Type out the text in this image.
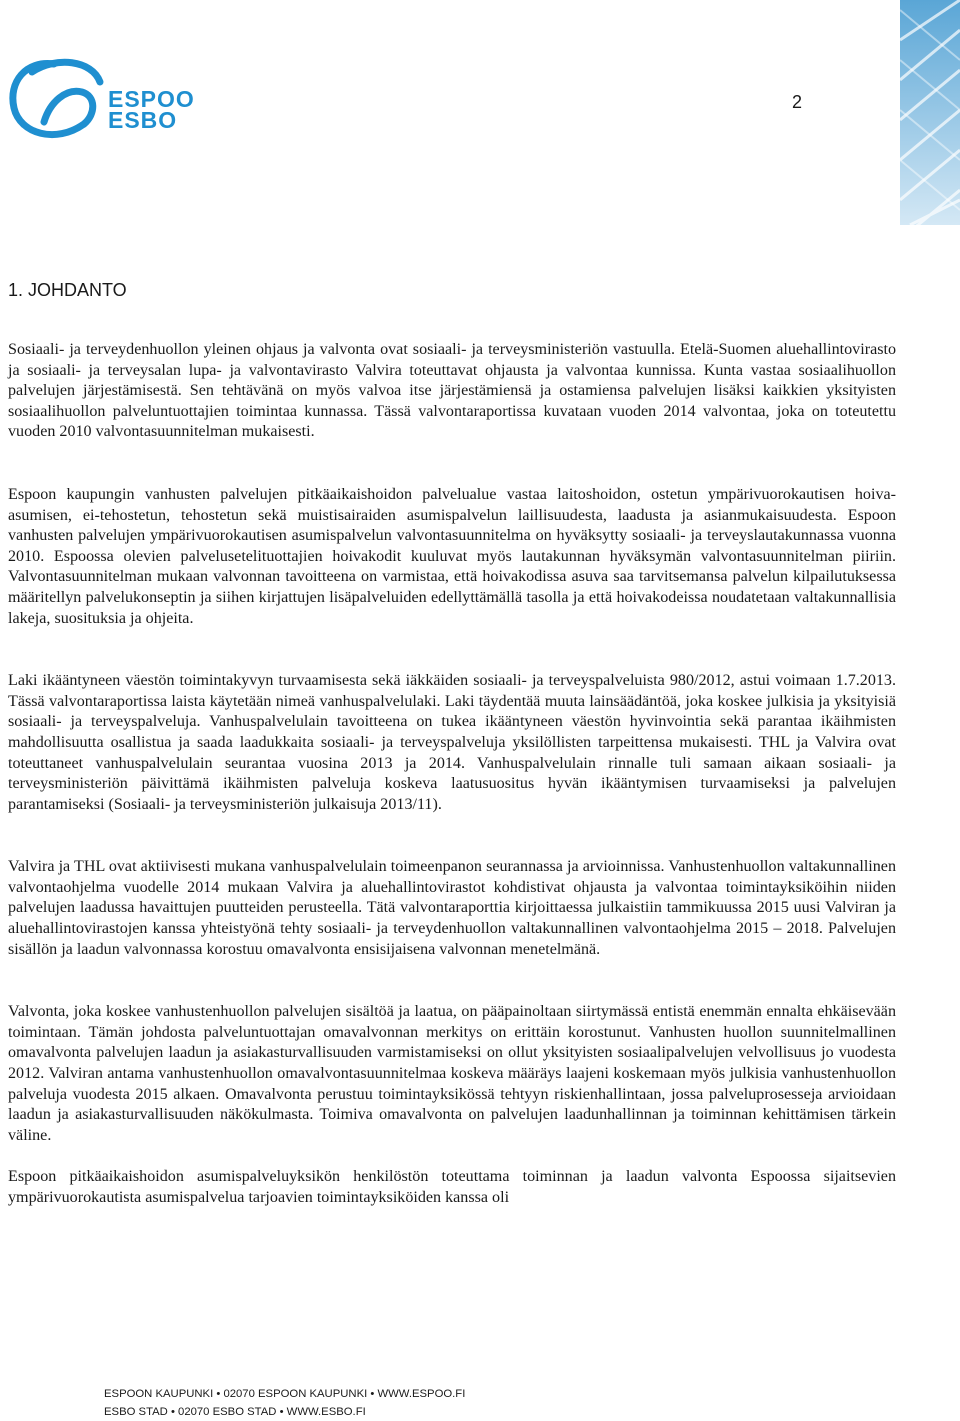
ESPOO
ESBO
2
1. JOHDANTO

Sosiaali- ja terveydenhuollon yleinen ohjaus ja valvonta ovat sosiaali- ja terveysministeriön vastuulla. Etelä-Suomen aluehallintovirasto ja sosiaali- ja terveysalan lupa- ja valvontavirasto Valvira toteuttavat ohjausta ja valvontaa kunnissa. Kunta vastaa sosiaalihuollon palvelujen järjestämisestä. Sen tehtävänä on myös valvoa itse järjestämiensä ja ostamiensa palvelujen lisäksi kaikkien yksityisten sosiaalihuollon palveluntuottajien toimintaa kunnassa. Tässä valvontaraportissa kuvataan vuoden 2014 valvontaa, joka on toteutettu vuoden 2010 valvontasuunnitelman mukaisesti.

Espoon kaupungin vanhusten palvelujen pitkäaikaishoidon palvelualue vastaa laitoshoidon, ostetun ympärivuorokautisen hoiva-asumisen, ei-tehostetun, tehostetun sekä muistisairaiden asumispalvelun laillisuudesta, laadusta ja asianmukaisuudesta. Espoon vanhusten palvelujen ympärivuorokautisen asumispalvelun valvontasuunnitelma on hyväksytty sosiaali- ja terveyslautakunnassa vuonna 2010. Espoossa olevien palvelusetelituottajien hoivakodit kuuluvat myös lautakunnan hyväksymän valvontasuunnitelman piiriin. Valvontasuunnitelman mukaan valvonnan tavoitteena on varmistaa, että hoivakodissa asuva saa tarvitsemansa palvelun kilpailutuksessa määritellyn palvelukonseptin ja siihen kirjattujen lisäpalveluiden edellyttämällä tasolla ja että hoivakodeissa noudatetaan valtakunnallisia lakeja, suosituksia ja ohjeita.

Laki ikääntyneen väestön toimintakyvyn turvaamisesta sekä iäkkäiden sosiaali- ja terveyspalveluista 980/2012, astui voimaan 1.7.2013. Tässä valvontaraportissa laista käytetään nimeä vanhuspalvelulaki. Laki täydentää muuta lainsäädäntöä, joka koskee julkisia ja yksityisiä sosiaali- ja terveyspalveluja. Vanhuspalvelulain tavoitteena on tukea ikääntyneen väestön hyvinvointia sekä parantaa ikäihmisten mahdollisuutta osallistua ja saada laadukkaita sosiaali- ja terveyspalveluja yksilöllisten tarpeittensa mukaisesti. THL ja Valvira ovat toteuttaneet vanhuspalvelulain seurantaa vuosina 2013 ja 2014. Vanhuspalvelulain rinnalle tuli samaan aikaan sosiaali- ja terveysministeriön päivittämä ikäihmisten palveluja koskeva laatusuositus hyvän ikääntymisen turvaamiseksi ja palvelujen parantamiseksi (Sosiaali- ja terveysministeriön julkaisuja 2013/11).

Valvira ja THL ovat aktiivisesti mukana vanhuspalvelulain toimeenpanon seurannassa ja arvioinnissa. Vanhustenhuollon valtakunnallinen valvontaohjelma vuodelle 2014 mukaan Valvira ja aluehallintovirastot kohdistivat ohjausta ja valvontaa toimintayksiköihin niiden palvelujen laadussa havaittujen puutteiden perusteella. Tätä valvontaraporttia kirjoittaessa julkaistiin tammikuussa 2015 uusi Valviran ja aluehallintovirastojen kanssa yhteistyönä tehty sosiaali- ja terveydenhuollon valtakunnallinen valvontaohjelma 2015 – 2018. Palvelujen sisällön ja laadun valvonnassa korostuu omavalvonta ensisijaisena valvonnan menetelmänä.

Valvonta, joka koskee vanhustenhuollon palvelujen sisältöä ja laatua, on pääpainoltaan siirtymässä entistä enemmän ennalta ehkäisevään toimintaan. Tämän johdosta palveluntuottajan omavalvonnan merkitys on erittäin korostunut. Vanhusten huollon suunnitelmallinen omavalvonta palvelujen laadun ja asiakasturvallisuuden varmistamiseksi on ollut yksityisten sosiaalipalvelujen velvollisuus jo vuodesta 2012. Valviran antama vanhustenhuollon omavalvontasuunnitelmaa koskeva määräys laajeni koskemaan myös julkisia vanhustenhuollon palveluja vuodesta 2015 alkaen. Omavalvonta perustuu toimintayksikössä tehtyyn riskienhallintaan, jossa palveluprosesseja arvioidaan laadun ja asiakasturvallisuuden näkökulmasta. Toimiva omavalvonta on palvelujen laadunhallinnan ja toiminnan kehittämisen tärkein väline.

Espoon pitkäaikaishoidon asumispalveluyksikön henkilöstön toteuttama toiminnan ja laadun valvonta Espoossa sijaitsevien ympärivuorokautista asumispalvelua tarjoavien toimintayksiköiden kanssa oli

ESPOON KAUPUNKI • 02070 ESPOON KAUPUNKI • WWW.ESPOO.FI
ESBO STAD • 02070 ESBO STAD • WWW.ESBO.FI
